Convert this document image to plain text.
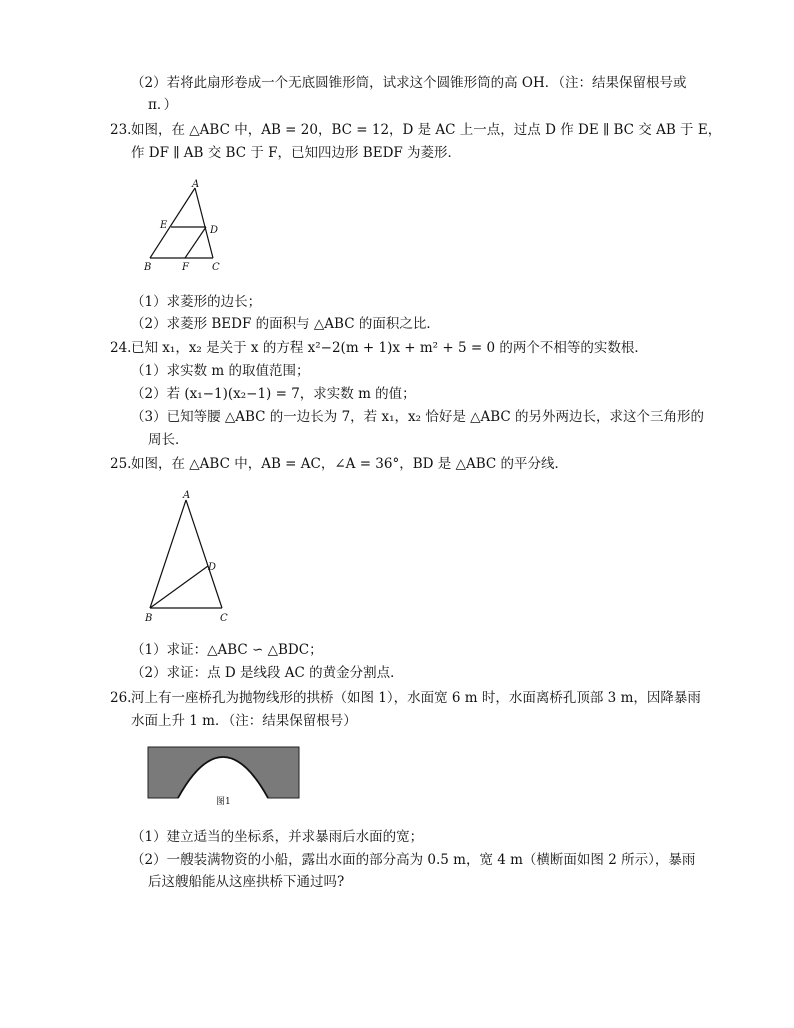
（2）若将此扇形卷成一个无底圆锥形筒，试求这个圆锥形筒的高 OH．（注：结果保留根号或
π．）
23. 如图，在 △ABC 中，AB = 20，BC = 12，D 是 AC 上一点，过点 D 作 DE ∥ BC 交 AB 于 E，
作 DF ∥ AB 交 BC 于 F，已知四边形 BEDF 为菱形．
A
E	D
B	F C
（1）求菱形的边长；
（2）求菱形 BEDF 的面积与 △ABC 的面积之比．
24. 已知 x₁，x₂ 是关于 x 的方程 x²−2(m + 1)x + m² + 5 = 0 的两个不相等的实数根．
（1）求实数 m 的取值范围；
（2）若 (x₁−1)(x₂−1) = 7，求实数 m 的值；
（3）已知等腰 △ABC 的一边长为 7，若 x₁，x₂ 恰好是 △ABC 的另外两边长，求这个三角形的
周长．
25. 如图，在 △ABC 中，AB = AC，∠A = 36°，BD 是 △ABC 的平分线．
A
D
B	C
（1）求证：△ABC ∽ △BDC；
（2）求证：点 D 是线段 AC 的黄金分割点．
26. 河上有一座桥孔为抛物线形的拱桥（如图 1），水面宽 6 m 时，水面离桥孔顶部 3 m，因降暴雨
水面上升 1 m．（注：结果保留根号）
图1
（1）建立适当的坐标系，并求暴雨后水面的宽；
（2）一艘装满物资的小船，露出水面的部分高为 0.5 m，宽 4 m（横断面如图 2 所示），暴雨
后这艘船能从这座拱桥下通过吗?
